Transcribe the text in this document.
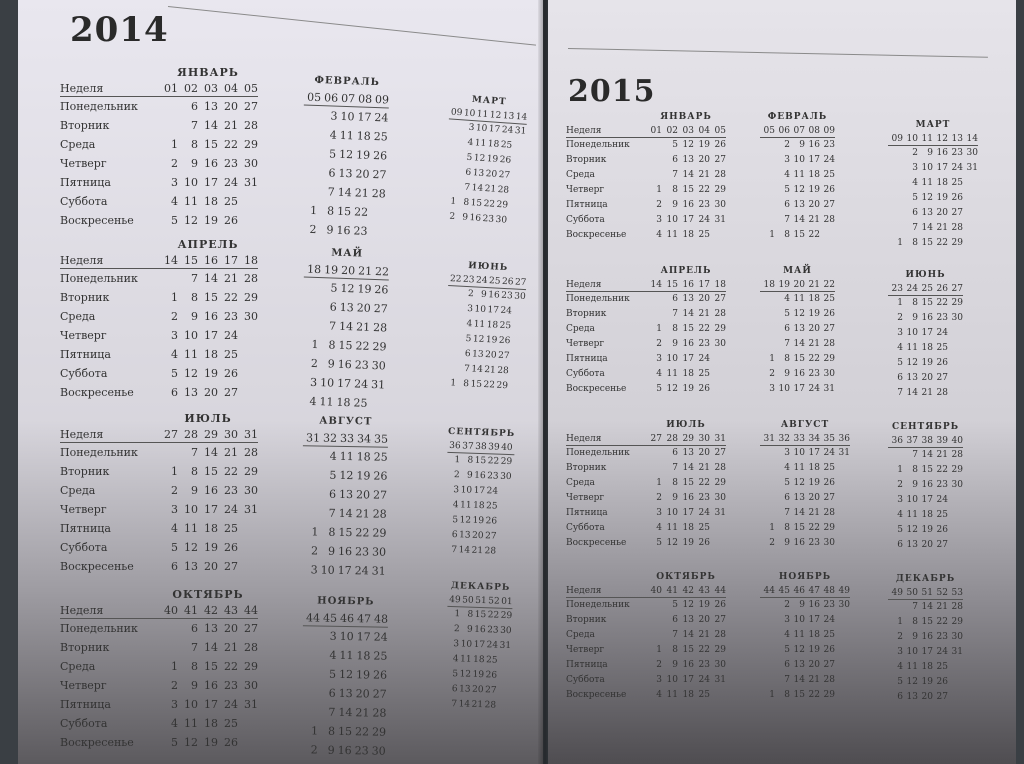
2014
ЯНВАРЬ
Неделя	01 02 03 04 05
Понедельник	6 13 20 27
Вторник	7 14 21 28
Среда	1	8 15 22 29
Четверг	2	9 16 23 30
Пятница	3 10 17 24 31
Суббота	4 11 18 25
Воскресенье	5 12 19 26
ФЕВРАЛЬ
05 06 07 08 09
3 10 17 24
4 11 18 25
5 12 19 26
6 13 20 27
7 14 21 28
1 8 15 22
2 9 16 23
МАРТ
09 10 11 12 13 14
3 10 17 24 31
4 11 18 25
5 12 19 26
6 13 20 27
7 14 21 28
1 8 15 22 29
2 9 16 23 30
АПРЕЛЬ
Неделя	14 15 16 17 18
Понедельник	7 14 21 28
Вторник	1	8 15 22 29
Среда	2	9 16 23 30
Четверг	3 10 17 24
Пятница	4 11 18 25
Суббота	5 12 19 26
Воскресенье	6 13 20 27
МАЙ
18 19 20 21 22
5 12 19 26
6 13 20 27
7 14 21 28
1 8 15 22 29
2 9 16 23 30
3 10 17 24 31
4 11 18 25
ИЮНЬ
22 23 24 25 26 27
2 9 16 23 30
3 10 17 24
4 11 18 25
5 12 19 26
6 13 20 27
7 14 21 28
1 8 15 22 29
ИЮЛЬ
Неделя	27 28 29 30 31
Понедельник	7 14 21 28
Вторник	1	8 15 22 29
Среда	2	9 16 23 30
Четверг	3 10 17 24 31
Пятница	4 11 18 25
Суббота	5 12 19 26
Воскресенье	6 13 20 27
АВГУСТ
31 32 33 34 35
4 11 18 25
5 12 19 26
6 13 20 27
7 14 21 28
1 8 15 22 29
2 9 16 23 30
3 10 17 24 31
СЕНТЯБРЬ
36 37 38 39 40
1 8 15 22 29
2 9 16 23 30
3 10 17 24
4 11 18 25
5 12 19 26
6 13 20 27
7 14 21 28
ОКТЯБРЬ
Неделя	40 41 42 43 44
Понедельник	6 13 20 27
Вторник	7 14 21 28
Среда	1	8 15 22 29
Четверг	2	9 16 23 30
Пятница	3 10 17 24 31
Суббота	4 11 18 25
Воскресенье	5 12 19 26
НОЯБРЬ
44 45 46 47 48
3 10 17 24
4 11 18 25
5 12 19 26
6 13 20 27
7 14 21 28
1 8 15 22 29
2 9 16 23 30
ДЕКАБРЬ
49 50 51 52 01
1 8 15 22 29
2 9 16 23 30
3 10 17 24 31
4 11 18 25
5 12 19 26
6 13 20 27
7 14 21 28
2015
ЯНВАРЬ
Неделя	01 02 03 04 05
Понедельник	5 12 19 26
Вторник	6 13 20 27
Среда	7 14 21 28
Четверг	1	8 15 22 29
Пятница	2	9 16 23 30
Суббота	3 10 17 24 31
Воскресенье	4 11 18 25
ФЕВРАЛЬ
05 06 07 08 09
2	9 16 23
3 10 17 24
4 11 18 25
5 12 19 26
6 13 20 27
7 14 21 28
1	8 15 22
МАРТ
09 10 11 12 13 14
2	9 16 23 30
3 10 17 24 31
4 11 18 25
5 12 19 26
6 13 20 27
7 14 21 28
1	8 15 22 29
АПРЕЛЬ
Неделя	14 15 16 17 18
Понедельник	6 13 20 27
Вторник	7 14 21 28
Среда	1	8 15 22 29
Четверг	2	9 16 23 30
Пятница	3 10 17 24
Суббота	4 11 18 25
Воскресенье	5 12 19 26
МАЙ
18 19 20 21 22
4 11 18 25
5 12 19 26
6 13 20 27
7 14 21 28
1	8 15 22 29
2	9 16 23 30
3 10 17 24 31
ИЮНЬ
23 24 25 26 27
1	8 15 22 29
2	9 16 23 30
3 10 17 24
4 11 18 25
5 12 19 26
6 13 20 27
7 14 21 28
ИЮЛЬ
Неделя	27 28 29 30 31
Понедельник	6 13 20 27
Вторник	7 14 21 28
Среда	1	8 15 22 29
Четверг	2	9 16 23 30
Пятница	3 10 17 24 31
Суббота	4 11 18 25
Воскресенье	5 12 19 26
АВГУСТ
31 32 33 34 35 36
3 10 17 24 31
4 11 18 25
5 12 19 26
6 13 20 27
7 14 21 28
1	8 15 22 29
2	9 16 23 30
СЕНТЯБРЬ
36 37 38 39 40
7 14 21 28
1	8 15 22 29
2	9 16 23 30
3 10 17 24
4 11 18 25
5 12 19 26
6 13 20 27
ОКТЯБРЬ
Неделя	40 41 42 43 44
Понедельник	5 12 19 26
Вторник	6 13 20 27
Среда	7 14 21 28
Четверг	1	8 15 22 29
Пятница	2	9 16 23 30
Суббота	3 10 17 24 31
Воскресенье	4 11 18 25
НОЯБРЬ
44 45 46 47 48 49
2	9 16 23 30
3 10 17 24
4 11 18 25
5 12 19 26
6 13 20 27
7 14 21 28
1	8 15 22 29
ДЕКАБРЬ
49 50 51 52 53
7 14 21 28
1	8 15 22 29
2	9 16 23 30
3 10 17 24 31
4 11 18 25
5 12 19 26
6 13 20 27
